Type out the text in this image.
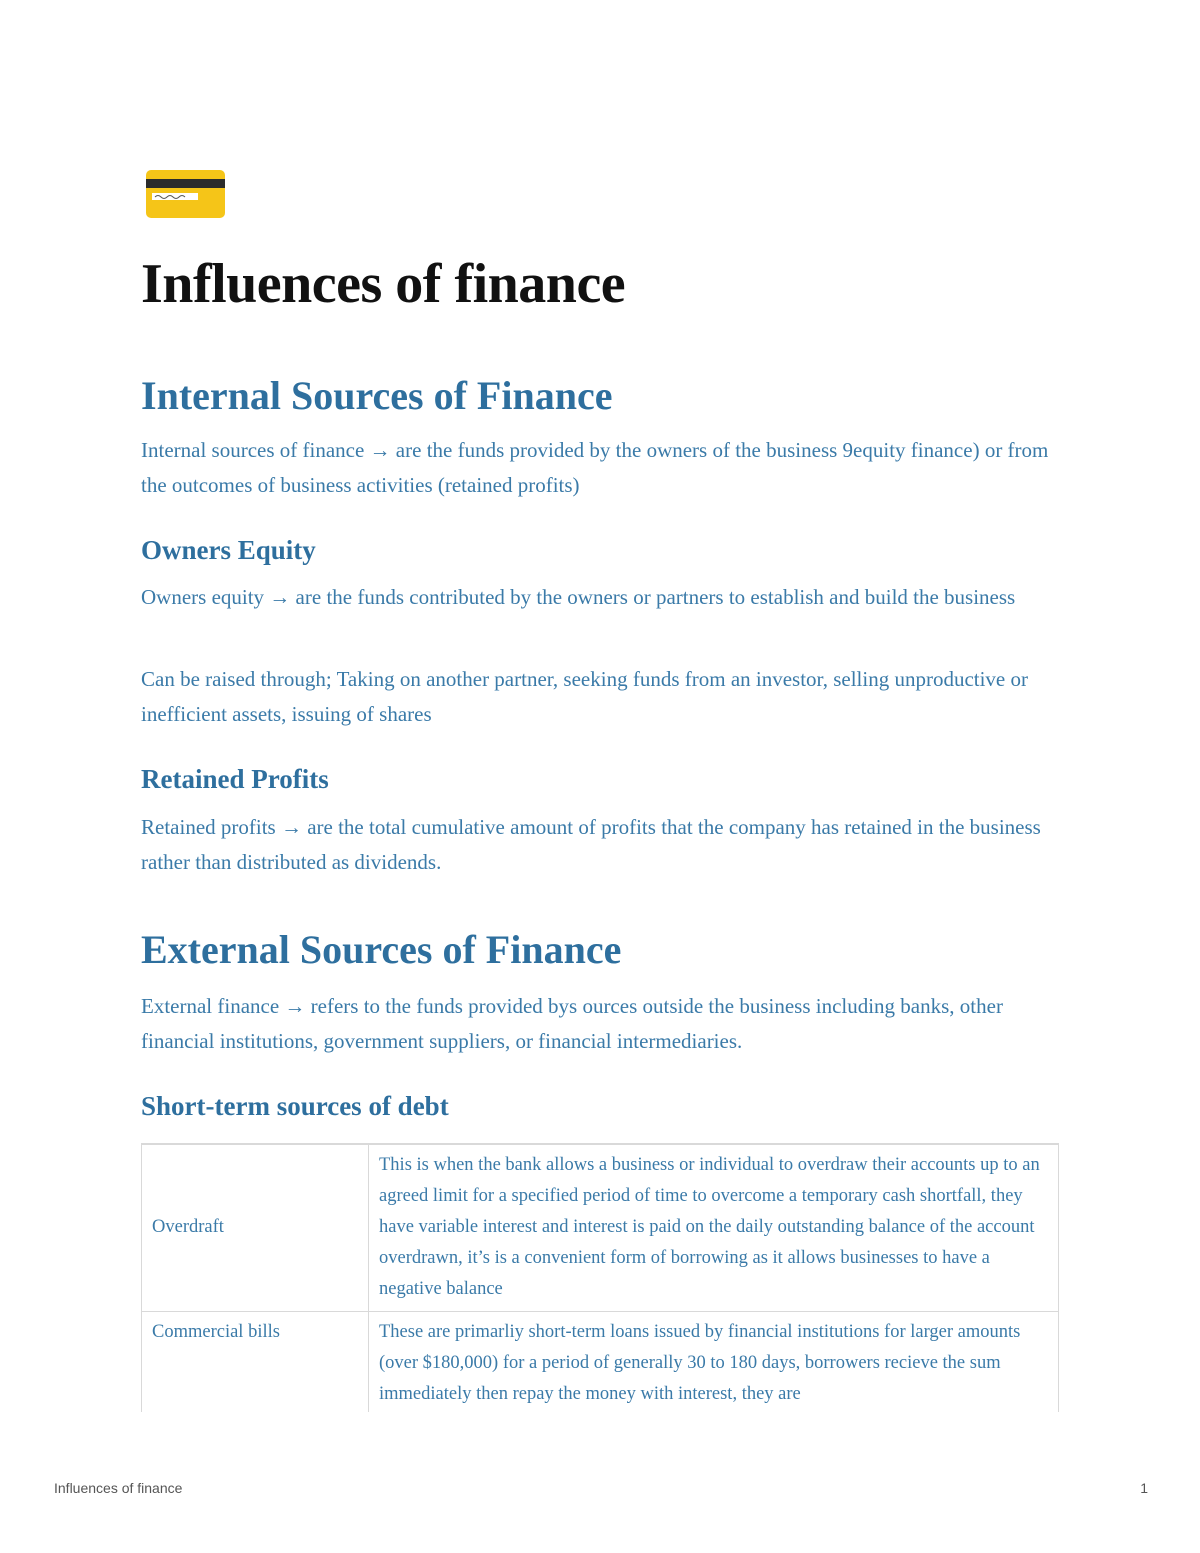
Influences of finance
Internal Sources of Finance

Internal sources of finance → are the funds provided by the owners of the business 9equity finance) or from the outcomes of business activities (retained profits)

Owners Equity

Owners equity → are the funds contributed by the owners or partners to establish and build the business

Can be raised through; Taking on another partner, seeking funds from an investor, selling unproductive or inefficient assets, issuing of shares

Retained Profits

Retained profits → are the total cumulative amount of profits that the company has retained in the business rather than distributed as dividends.

External Sources of Finance

External finance → refers to the funds provided bys ources outside the business including banks, other financial institutions, government suppliers, or financial intermediaries.

Short-term sources of debt
Overdraft	This is when the bank allows a business or individual to overdraw their accounts up to an agreed limit for a specified period of time to overcome a temporary cash shortfall, they have variable interest and interest is paid on the daily outstanding balance of the account overdrawn, it’s is a convenient form of borrowing as it allows businesses to have a negative balance
Commercial bills	These are primarliy short-term loans issued by financial institutions for larger amounts (over $180,000) for a period of generally 30 to 180 days, borrowers recieve the sum immediately then repay the money with interest, they are
Influences of finance	1
